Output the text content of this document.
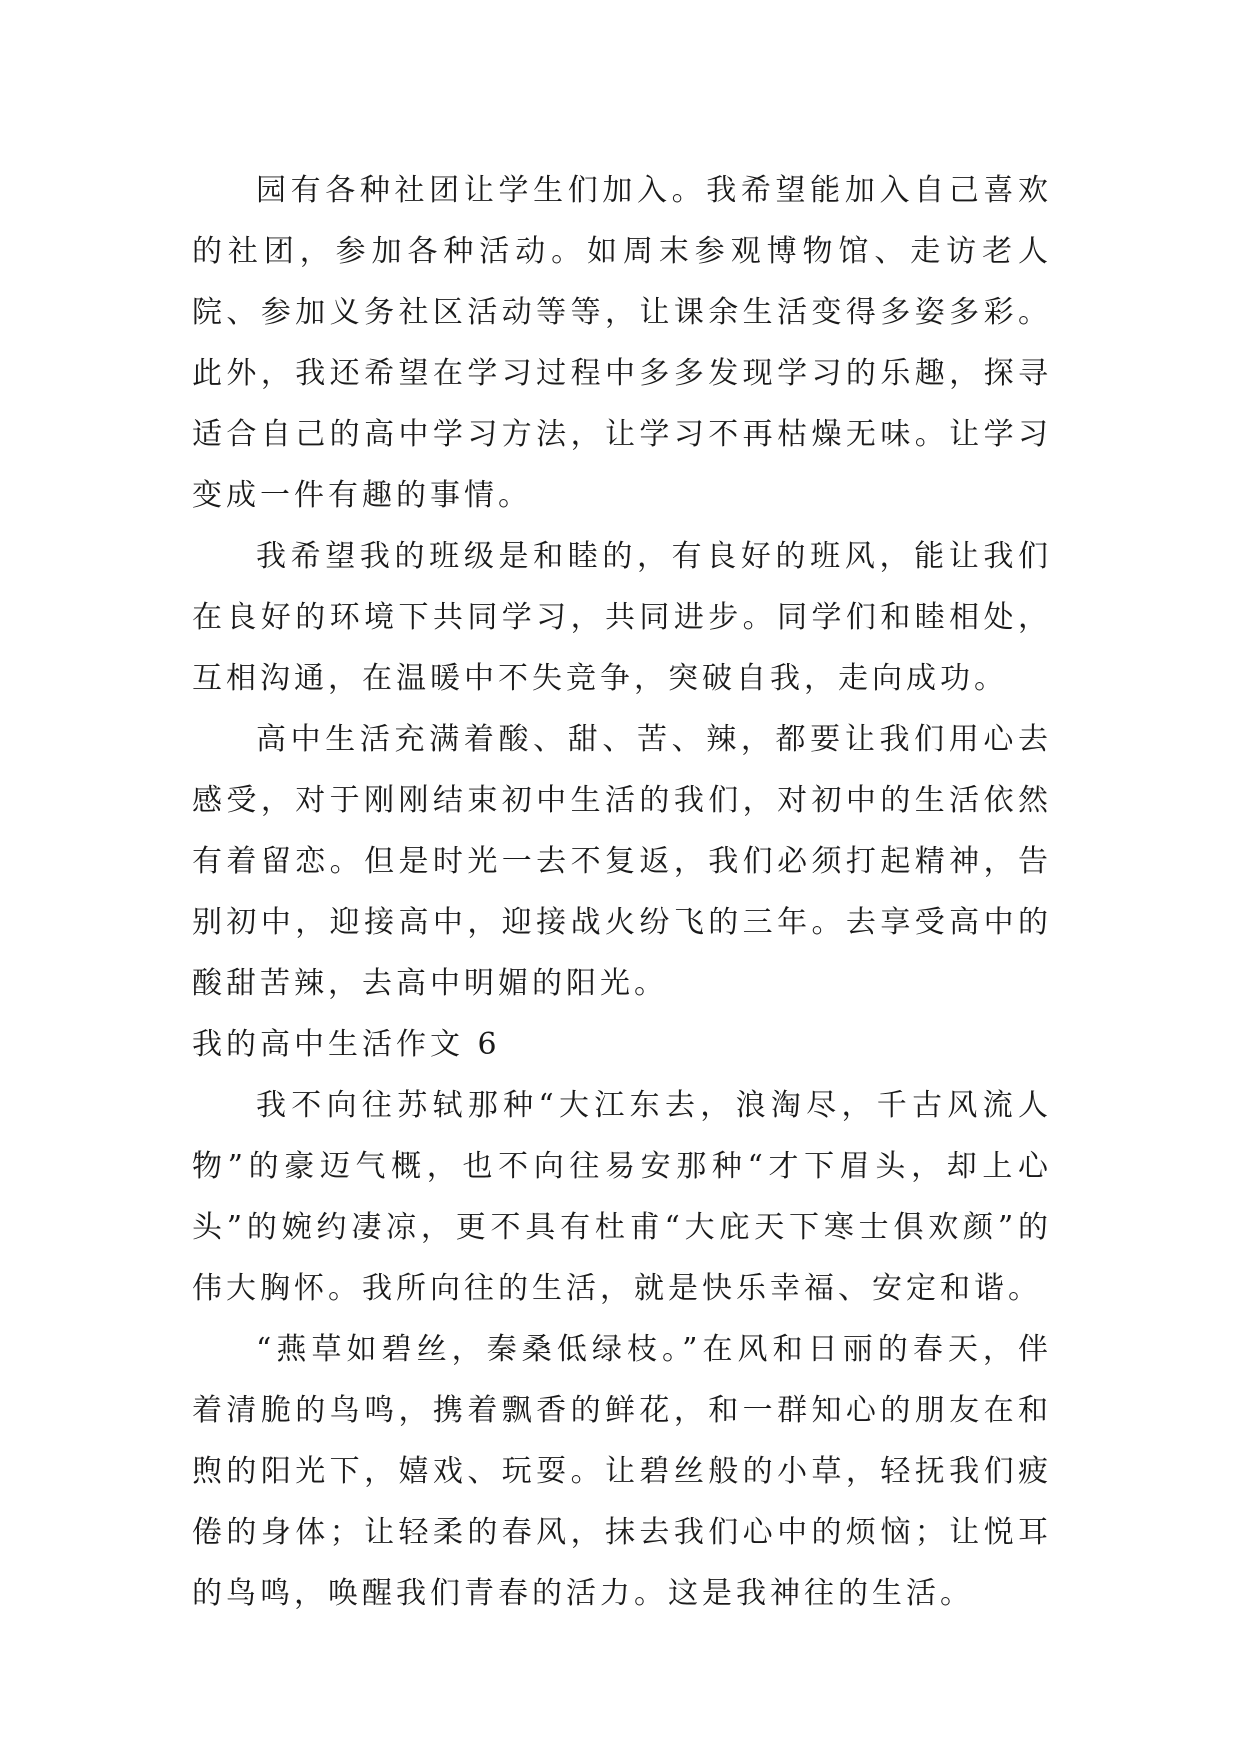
园有各种社团让学生们加入。我希望能加入自己喜欢的社团，参加各种活动。如周末参观博物馆、走访老人院、参加义务社区活动等等，让课余生活变得多姿多彩。此外，我还希望在学习过程中多多发现学习的乐趣，探寻适合自己的高中学习方法，让学习不再枯燥无味。让学习变成一件有趣的事情。

我希望我的班级是和睦的，有良好的班风，能让我们在良好的环境下共同学习，共同进步。同学们和睦相处，互相沟通，在温暖中不失竞争，突破自我，走向成功。

高中生活充满着酸、甜、苦、辣，都要让我们用心去感受，对于刚刚结束初中生活的我们，对初中的生活依然有着留恋。但是时光一去不复返，我们必须打起精神，告别初中，迎接高中，迎接战火纷飞的三年。去享受高中的酸甜苦辣，去高中明媚的阳光。

我的高中生活作文 6

我不向往苏轼那种“大江东去，浪淘尽，千古风流人物”的豪迈气概，也不向往易安那种“才下眉头，却上心头”的婉约凄凉，更不具有杜甫“大庇天下寒士俱欢颜”的伟大胸怀。我所向往的生活，就是快乐幸福、安定和谐。

“燕草如碧丝，秦桑低绿枝。”在风和日丽的春天，伴着清脆的鸟鸣，携着飘香的鲜花，和一群知心的朋友在和煦的阳光下，嬉戏、玩耍。让碧丝般的小草，轻抚我们疲倦的身体；让轻柔的春风，抹去我们心中的烦恼；让悦耳的鸟鸣，唤醒我们青春的活力。这是我神往的生活。
